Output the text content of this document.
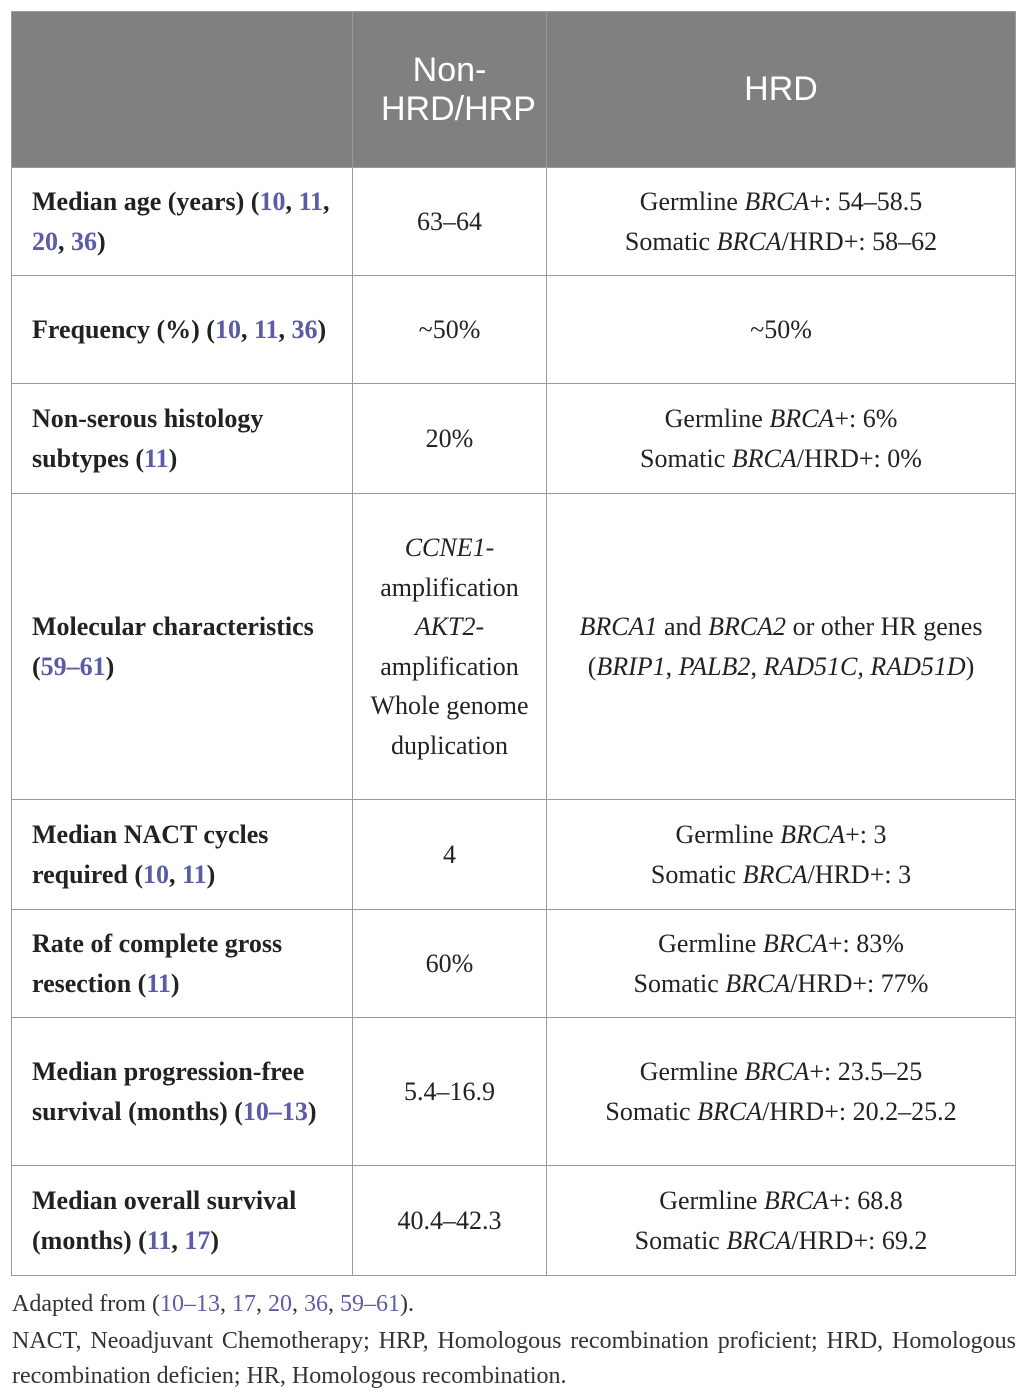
	Non-HRD/HRP	HRD
Median age (years) (10, 11, 20, 36)	63–64	Germline BRCA+: 54–58.5
Somatic BRCA/HRD+: 58–62

Frequency (%) (10, 11, 36)	~50%	~50%

Non-serous histology subtypes (11)	20%	Germline BRCA+: 6%
Somatic BRCA/HRD+: 0%

Molecular characteristics (59–61)	CCNE1-amplification AKT2-amplification Whole genome duplication	BRCA1 and BRCA2 or other HR genes (BRIP1, PALB2, RAD51C, RAD51D)

Median NACT cycles required (10, 11)	4	Germline BRCA+: 3
Somatic BRCA/HRD+: 3

Rate of complete gross resection (11)	60%	Germline BRCA+: 83%
Somatic BRCA/HRD+: 77%

Median progression-free survival (months) (10–13)	5.4–16.9	Germline BRCA+: 23.5–25
Somatic BRCA/HRD+: 20.2–25.2

Median overall survival (months) (11, 17)	40.4–42.3	Germline BRCA+: 68.8
Somatic BRCA/HRD+: 69.2

Adapted from (10–13, 17, 20, 36, 59–61).

NACT, Neoadjuvant Chemotherapy; HRP, Homologous recombination proficient; HRD, Homologous recombination deficien; HR, Homologous recombination.
